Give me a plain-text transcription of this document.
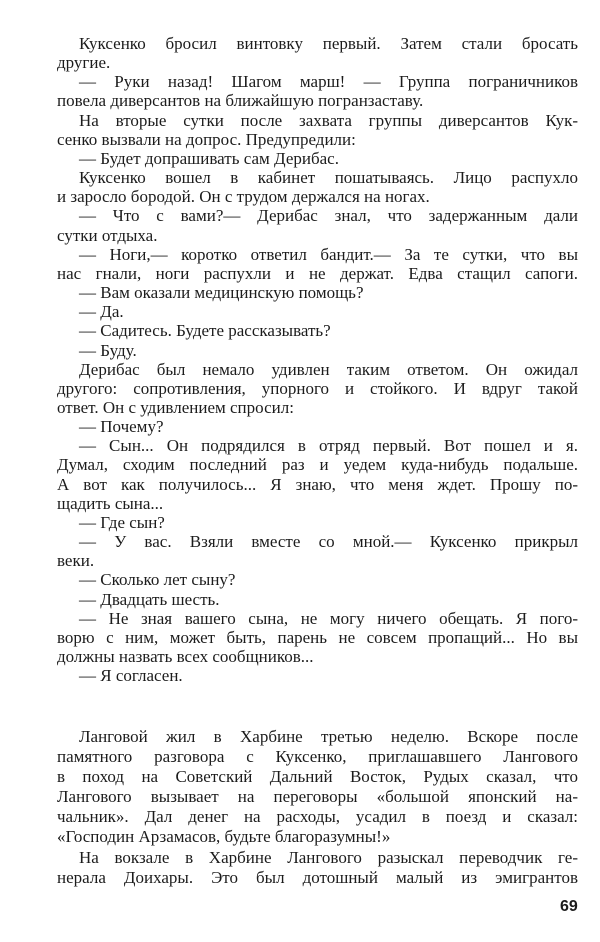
Куксенко бросил винтовку первый. Затем стали бросать
другие.
— Руки назад! Шагом марш! — Группа пограничников
повела диверсантов на ближайшую погранзаставу.
На вторые сутки после захвата группы диверсантов Кук-
сенко вызвали на допрос. Предупредили:
— Будет допрашивать сам Дерибас.
Куксенко вошел в кабинет пошатываясь. Лицо распухло
и заросло бородой. Он с трудом держался на ногах.
— Что с вами?— Дерибас знал, что задержанным дали
сутки отдыха.
— Ноги,— коротко ответил бандит.— За те сутки, что вы
нас гнали, ноги распухли и не держат. Едва стащил сапоги.
— Вам оказали медицинскую помощь?
— Да.
— Садитесь. Будете рассказывать?
— Буду.
Дерибас был немало удивлен таким ответом. Он ожидал
другого: сопротивления, упорного и стойкого. И вдруг такой
ответ. Он с удивлением спросил:
— Почему?
— Сын... Он подрядился в отряд первый. Вот пошел и я.
Думал, сходим последний раз и уедем куда-нибудь подальше.
А вот как получилось... Я знаю, что меня ждет. Прошу по-
щадить сына...
— Где сын?
— У вас. Взяли вместе со мной.— Куксенко прикрыл
веки.
— Сколько лет сыну?
— Двадцать шесть.
— Не зная вашего сына, не могу ничего обещать. Я пого-
ворю с ним, может быть, парень не совсем пропащий... Но вы
должны назвать всех сообщников...
— Я согласен.
Ланговой жил в Харбине третью неделю. Вскоре после
памятного разговора с Куксенко, приглашавшего Лангового
в поход на Советский Дальний Восток, Рудых сказал, что
Лангового вызывает на переговоры «большой японский на-
чальник». Дал денег на расходы, усадил в поезд и сказал:
«Господин Арзамасов, будьте благоразумны!»
На вокзале в Харбине Лангового разыскал переводчик ге-
нерала Доихары. Это был дотошный малый из эмигрантов
69
